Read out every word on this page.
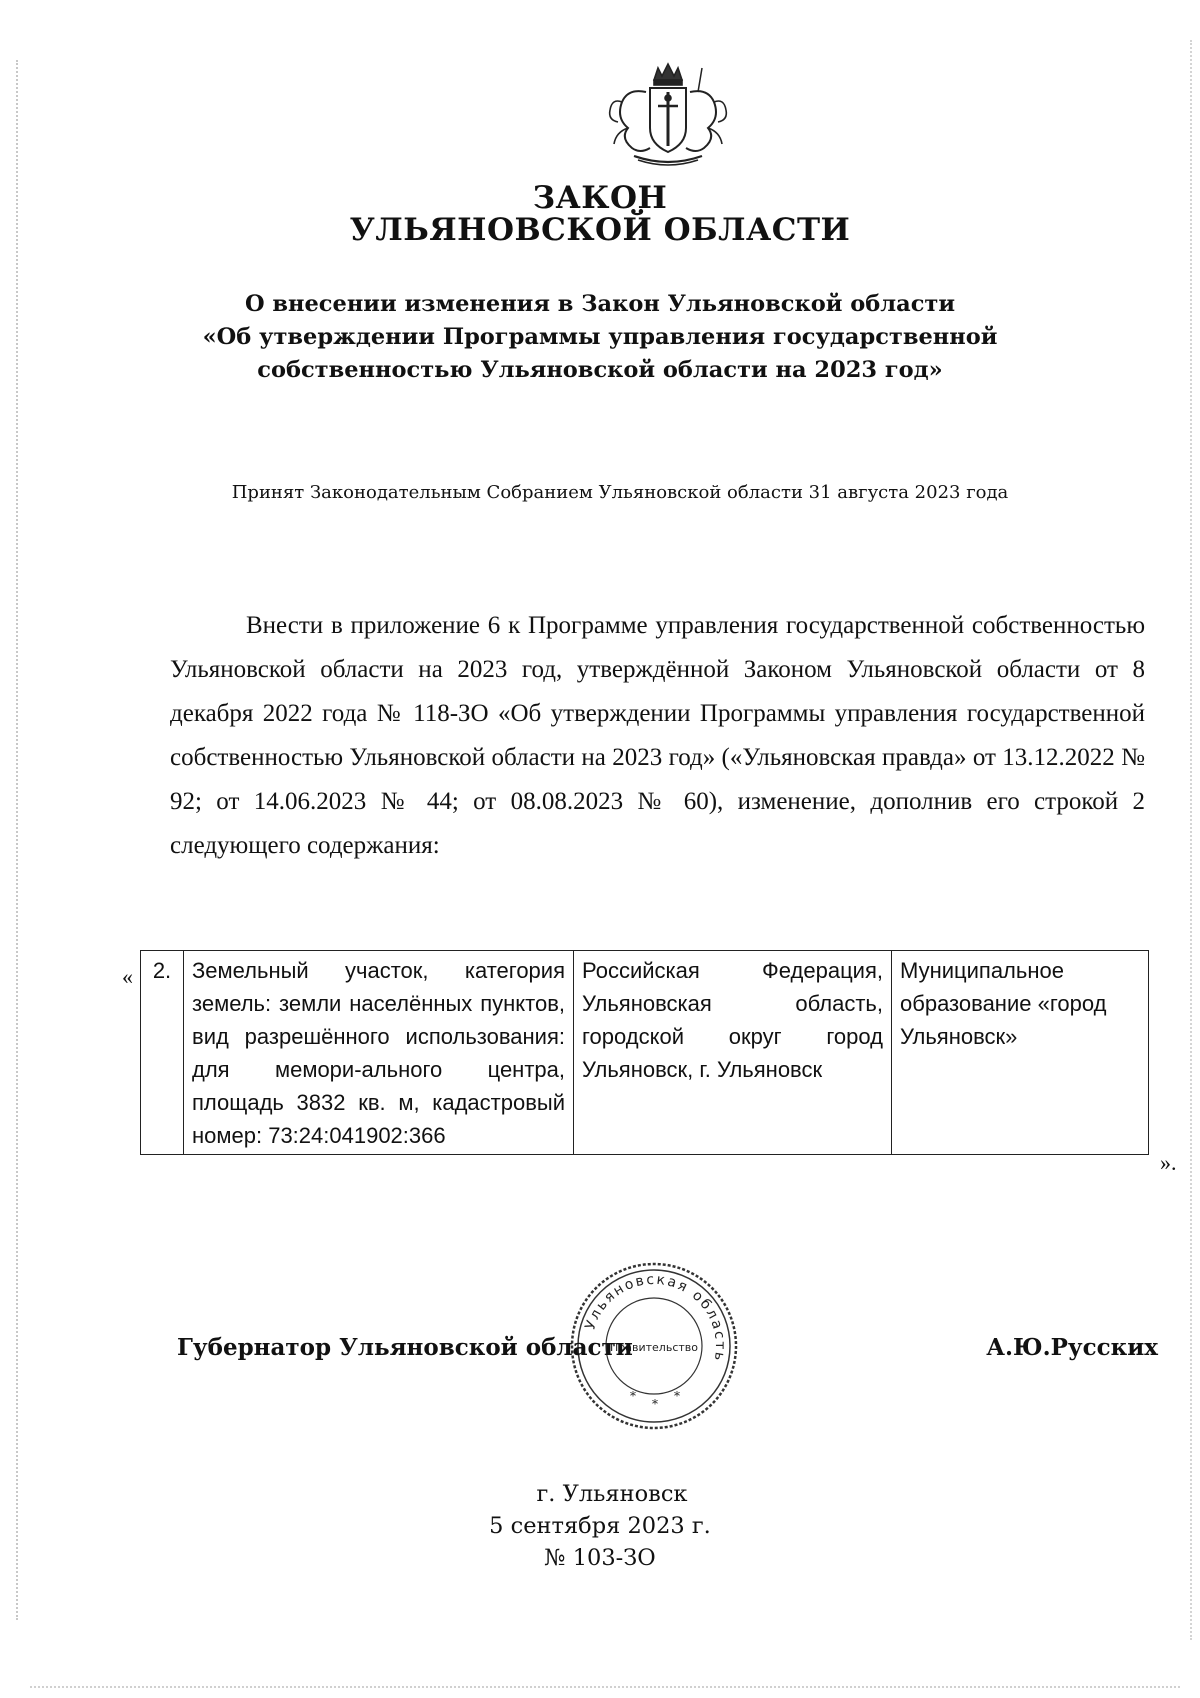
ЗАКОН
УЛЬЯНОВСКОЙ ОБЛАСТИ
О внесении изменения в Закон Ульяновской области
«Об утверждении Программы управления государственной
собственностью Ульяновской области на 2023 год»
Принят Законодательным Собранием Ульяновской области 31 августа 2023 года
Внести в приложение 6 к Программе управления государственной собственностью Ульяновской области на 2023 год, утверждённой Законом Ульяновской области от 8 декабря 2022 года № 118-ЗО «Об утверждении Программы управления государственной собственностью Ульяновской области на 2023 год» («Ульяновская правда» от 13.12.2022 № 92; от 14.06.2023 № 44; от 08.08.2023 № 60), изменение, дополнив его строкой 2 следующего содержания:
« 2.	Земельный участок, категория земель: земли населённых пунктов, вид разрешённого использования: для мемори-ального центра, площадь 3832 кв. м, кадастровый номер: 73:24:041902:366	Российская Федерация, Ульяновская область, городской округ город Ульяновск, г. Ульяновск	Муниципальное образование «город Ульяновск»
».
Ульяновская область
Правительство
*
*
*
Губернатор Ульяновской области	А.Ю.Русских
г. Ульяновск
5 сентября 2023 г.
№ 103-ЗО
